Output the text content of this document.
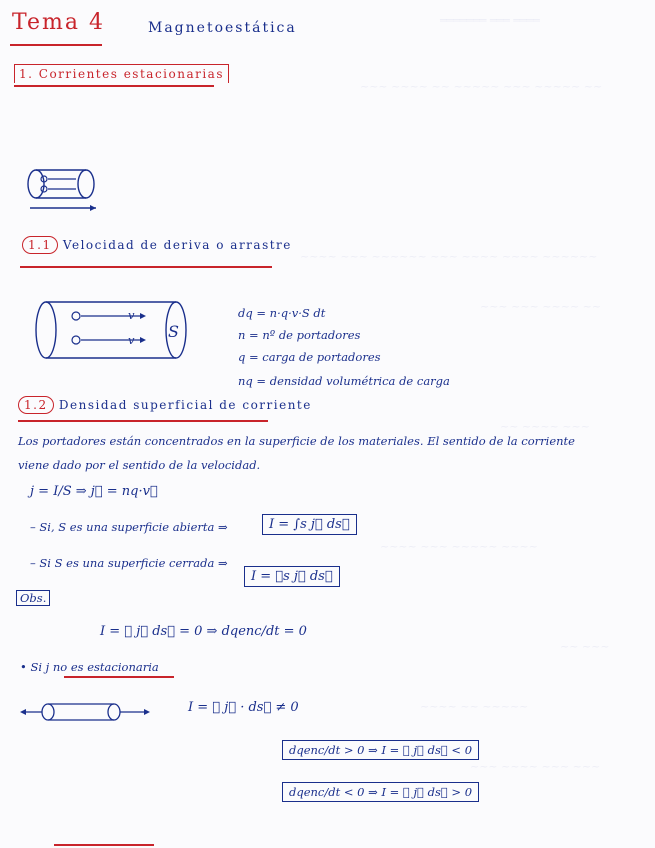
═══════ ═══ ════
~~~ ~~~~ ~~ ~~~~~ ~~~ ~~~~~ ~~
~~~~ ~~~ ~~~~~~ ~~~ ~~~~ ~~~~ ~~~~~~
~~~ ~~~ ~~~~ ~~
~~ ~~~~ ~~~
~~~~ ~~~ ~~~~~ ~~~~
~~ ~~~
~~~~ ~~ ~~~~~
~~~ ~~~~ ~~~ ~~~
Tema 4	Magnetoestática
1. Corrientes estacionarias
1.1 Velocidad de deriva o arrastre
v
v S
dq = n·q·v·S dt
n = nº de portadores
q = carga de portadores
nq = densidad volumétrica de carga
1.2 Densidad superficial de corriente
Los portadores están concentrados en la superficie de los materiales. El sentido de la corriente
viene dado por el sentido de la velocidad.
j = I/S ⇒ j⃗ = nq·v⃗
– Si, S es una superficie abierta ⇒	I = ∫s j⃗ ds⃗
– Si S es una superficie cerrada ⇒
I = ∮s j⃗ ds⃗
Obs.
I = ∮ j⃗ ds⃗ = 0 ⇒ dqenc/dt = 0
• Si j no es estacionaria
I = ∮ j⃗ · ds⃗ ≠ 0
dqenc/dt > 0 ⇒ I = ∮ j⃗ ds⃗ < 0
dqenc/dt < 0 ⇒ I = ∮ j⃗ ds⃗ > 0
